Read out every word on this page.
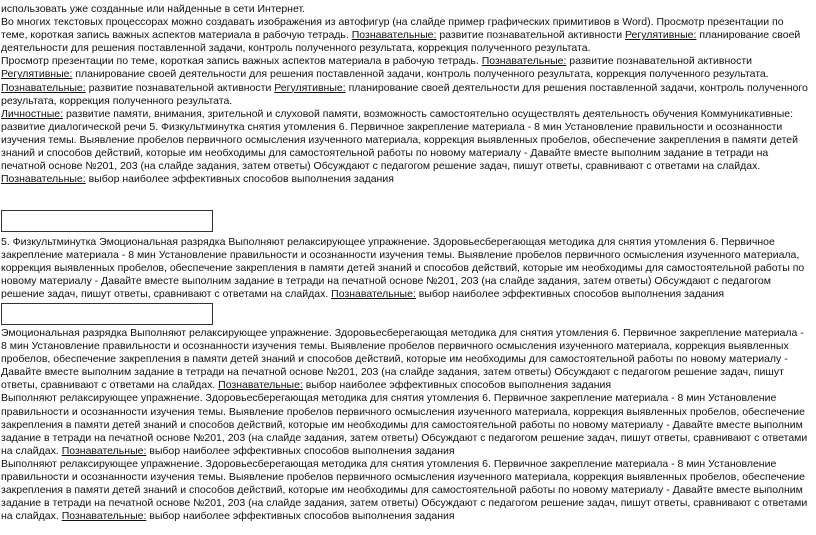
использовать уже созданные или найденные в сети Интернет.
Во многих текстовых процессорах можно создавать изображения из автофигур (на слайде пример графических примитивов в Word). Просмотр презентации по теме, короткая запись важных аспектов материала в рабочую тетрадь. Познавательные: развитие познавательной активности Регулятивные: планирование своей деятельности для решения поставленной задачи, контроль полученного результата, коррекция полученного результата.
Просмотр презентации по теме, короткая запись важных аспектов материала в рабочую тетрадь. Познавательные: развитие познавательной активности Регулятивные: планирование своей деятельности для решения поставленной задачи, контроль полученного результата, коррекция полученного результата.
Познавательные: развитие познавательной активности Регулятивные: планирование своей деятельности для решения поставленной задачи, контроль полученного результата, коррекция полученного результата.
Личностные: развитие памяти, внимания, зрительной и слуховой памяти, возможность самостоятельно осуществлять деятельность обучения Коммуникативные: развитие диалогической речи 5. Физкультминутка снятия утомления 6. Первичное закрепление материала - 8 мин Установление правильности и осознанности изучения темы. Выявление пробелов первичного осмысления изученного материала, коррекция выявленных пробелов, обеспечение закрепления в памяти детей знаний и способов действий, которые им необходимы для самостоятельной работы по новому материалу - Давайте вместе выполним задание в тетради на печатной основе №201, 203 (на слайде задания, затем ответы) Обсуждают с педагогом решение задач, пишут ответы, сравнивают с ответами на слайдах. Познавательные: выбор наиболее эффективных способов выполнения задания

5. Физкультминутка Эмоциональная разрядка Выполняют релаксирующее упражнение. Здоровьесберегающая методика для снятия утомления 6. Первичное закрепление материала - 8 мин Установление правильности и осознанности изучения темы. Выявление пробелов первичного осмысления изученного материала, коррекция выявленных пробелов, обеспечение закрепления в памяти детей знаний и способов действий, которые им необходимы для самостоятельной работы по новому материалу - Давайте вместе выполним задание в тетради на печатной основе №201, 203 (на слайде задания, затем ответы) Обсуждают с педагогом решение задач, пишут ответы, сравнивают с ответами на слайдах. Познавательные: выбор наиболее эффективных способов выполнения задания

Эмоциональная разрядка Выполняют релаксирующее упражнение. Здоровьесберегающая методика для снятия утомления 6. Первичное закрепление материала - 8 мин Установление правильности и осознанности изучения темы. Выявление пробелов первичного осмысления изученного материала, коррекция выявленных пробелов, обеспечение закрепления в памяти детей знаний и способов действий, которые им необходимы для самостоятельной работы по новому материалу - Давайте вместе выполним задание в тетради на печатной основе №201, 203 (на слайде задания, затем ответы) Обсуждают с педагогом решение задач, пишут ответы, сравнивают с ответами на слайдах. Познавательные: выбор наиболее эффективных способов выполнения задания
Выполняют релаксирующее упражнение. Здоровьесберегающая методика для снятия утомления 6. Первичное закрепление материала - 8 мин Установление правильности и осознанности изучения темы. Выявление пробелов первичного осмысления изученного материала, коррекция выявленных пробелов, обеспечение закрепления в памяти детей знаний и способов действий, которые им необходимы для самостоятельной работы по новому материалу - Давайте вместе выполним задание в тетради на печатной основе №201, 203 (на слайде задания, затем ответы) Обсуждают с педагогом решение задач, пишут ответы, сравнивают с ответами на слайдах. Познавательные: выбор наиболее эффективных способов выполнения задания
Выполняют релаксирующее упражнение. Здоровьесберегающая методика для снятия утомления 6. Первичное закрепление материала - 8 мин Установление правильности и осознанности изучения темы. Выявление пробелов первичного осмысления изученного материала, коррекция выявленных пробелов, обеспечение закрепления в памяти детей знаний и способов действий, которые им необходимы для самостоятельной работы по новому материалу - Давайте вместе выполним задание в тетради на печатной основе №201, 203 (на слайде задания, затем ответы) Обсуждают с педагогом решение задач, пишут ответы, сравнивают с ответами на слайдах. Познавательные: выбор наиболее эффективных способов выполнения задания
